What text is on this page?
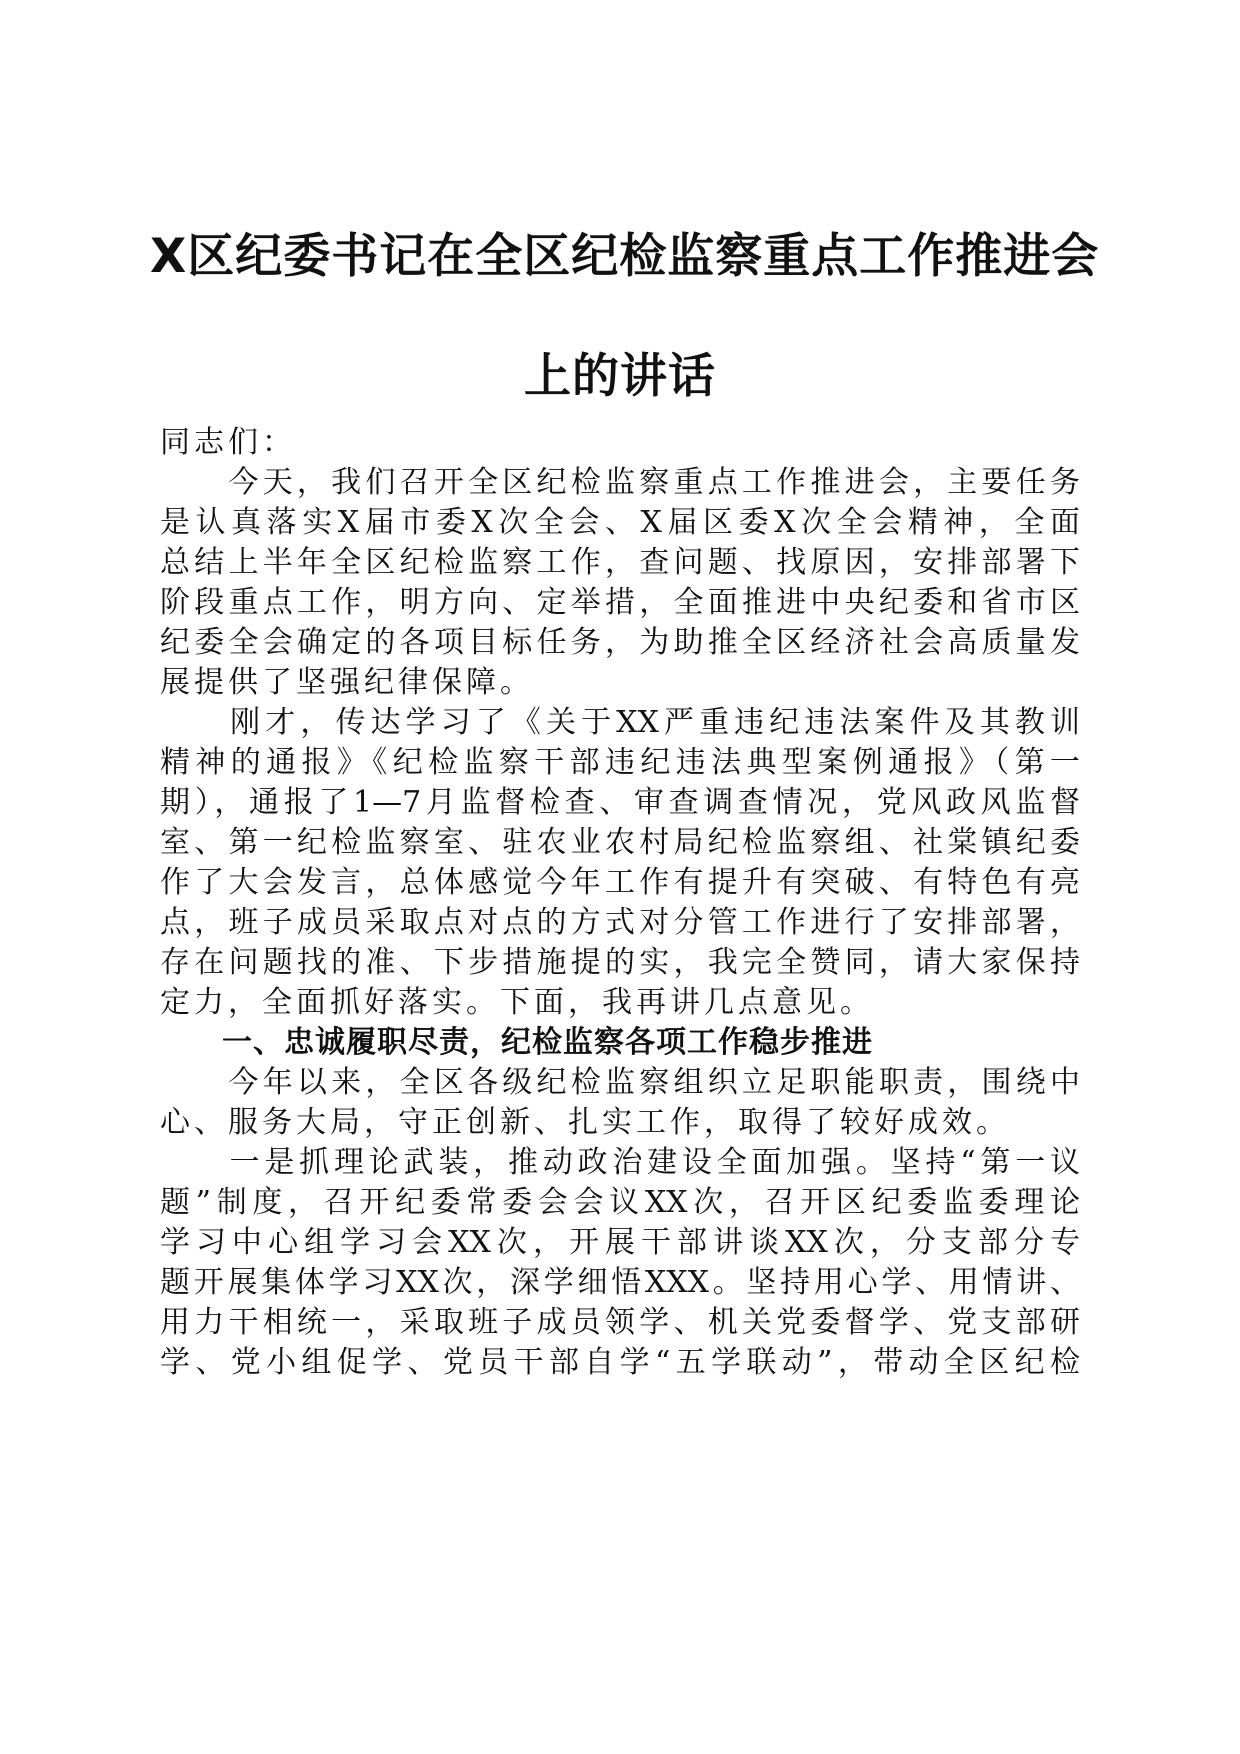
X区纪委书记在全区纪检监察重点工作推进会
上的讲话

同志们：

　　今天，我们召开全区纪检监察重点工作推进会，主要任务

是认真落实X届市委X次全会、X届区委X次全会精神，全面

总结上半年全区纪检监察工作，查问题、找原因，安排部署下

阶段重点工作，明方向、定举措，全面推进中央纪委和省市区

纪委全会确定的各项目标任务，为助推全区经济社会高质量发

展提供了坚强纪律保障。

　　刚才，传达学习了《关于XX严重违纪违法案件及其教训

精神的通报》《纪检监察干部违纪违法典型案例通报》（第一

期），通报了1—7月监督检查、审查调查情况，党风政风监督

室、第一纪检监察室、驻农业农村局纪检监察组、社棠镇纪委

作了大会发言，总体感觉今年工作有提升有突破、有特色有亮

点，班子成员采取点对点的方式对分管工作进行了安排部署，

存在问题找的准、下步措施提的实，我完全赞同，请大家保持

定力，全面抓好落实。下面，我再讲几点意见。

　　一、忠诚履职尽责，纪检监察各项工作稳步推进

　　今年以来，全区各级纪检监察组织立足职能职责，围绕中

心、服务大局，守正创新、扎实工作，取得了较好成效。

　　一是抓理论武装，推动政治建设全面加强。坚持“第一议

题”制度，召开纪委常委会会议XX次，召开区纪委监委理论

学习中心组学习会XX次，开展干部讲谈XX次，分支部分专

题开展集体学习XX次，深学细悟XXX。坚持用心学、用情讲、

用力干相统一，采取班子成员领学、机关党委督学、党支部研

学、党小组促学、党员干部自学“五学联动”，带动全区纪检
